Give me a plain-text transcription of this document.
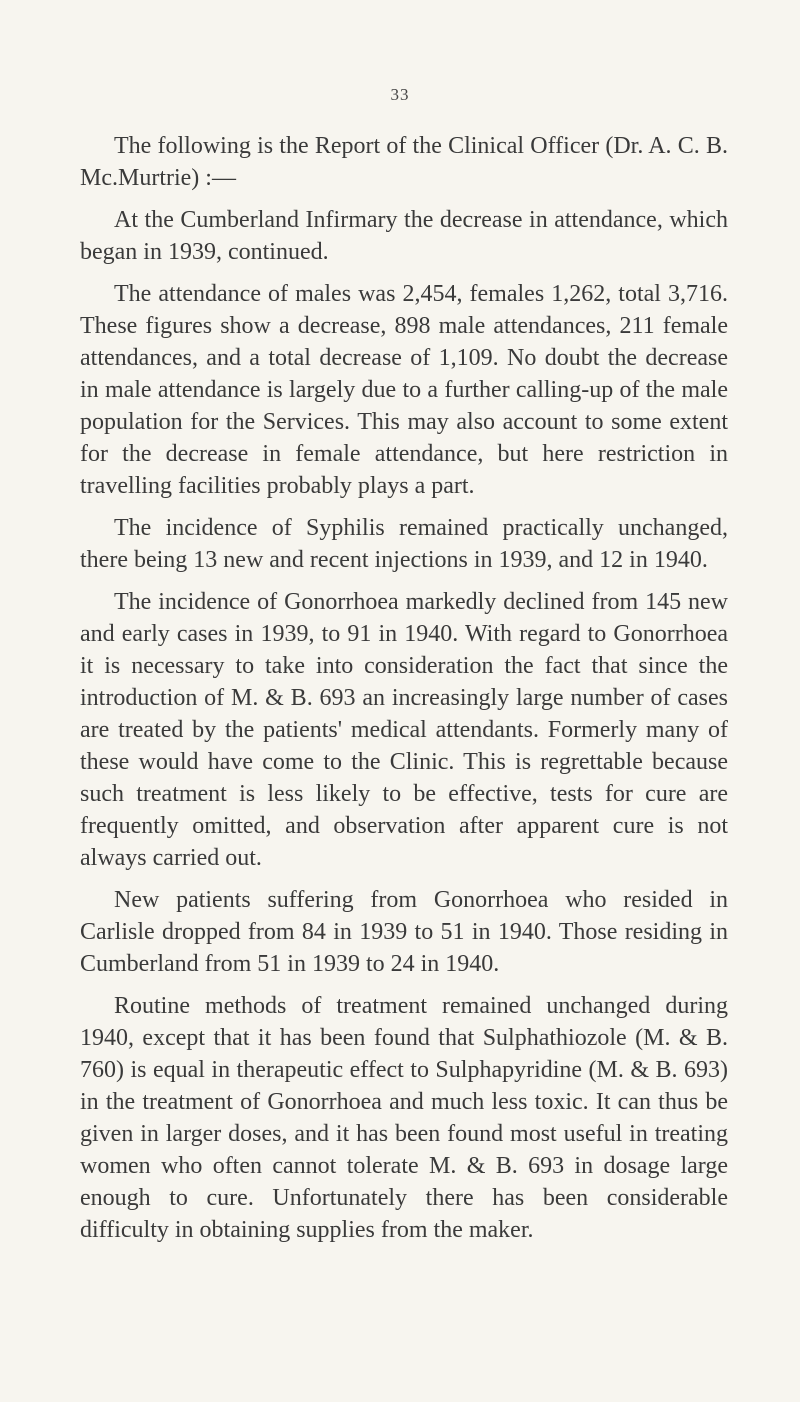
33

The following is the Report of the Clinical Officer (Dr. A. C. B. Mc.Murtrie) :—

At the Cumberland Infirmary the decrease in attendance, which began in 1939, continued.

The attendance of males was 2,454, females 1,262, total 3,716. These figures show a decrease, 898 male attendances, 211 female attendances, and a total decrease of 1,109. No doubt the decrease in male attendance is largely due to a further calling-up of the male population for the Services. This may also account to some extent for the decrease in female attendance, but here restriction in travelling facilities probably plays a part.

The incidence of Syphilis remained practically unchanged, there being 13 new and recent injections in 1939, and 12 in 1940.

The incidence of Gonorrhoea markedly declined from 145 new and early cases in 1939, to 91 in 1940. With regard to Gonorrhoea it is necessary to take into consideration the fact that since the introduction of M. & B. 693 an increasingly large number of cases are treated by the patients' medical attendants. Formerly many of these would have come to the Clinic. This is regrettable because such treatment is less likely to be effective, tests for cure are frequently omitted, and observation after apparent cure is not always carried out.

New patients suffering from Gonorrhoea who resided in Carlisle dropped from 84 in 1939 to 51 in 1940. Those residing in Cumberland from 51 in 1939 to 24 in 1940.

Routine methods of treatment remained unchanged during 1940, except that it has been found that Sulphathiozole (M. & B. 760) is equal in therapeutic effect to Sulphapyridine (M. & B. 693) in the treatment of Gonorrhoea and much less toxic. It can thus be given in larger doses, and it has been found most useful in treating women who often cannot tolerate M. & B. 693 in dosage large enough to cure. Unfortunately there has been considerable difficulty in obtaining supplies from the maker.
